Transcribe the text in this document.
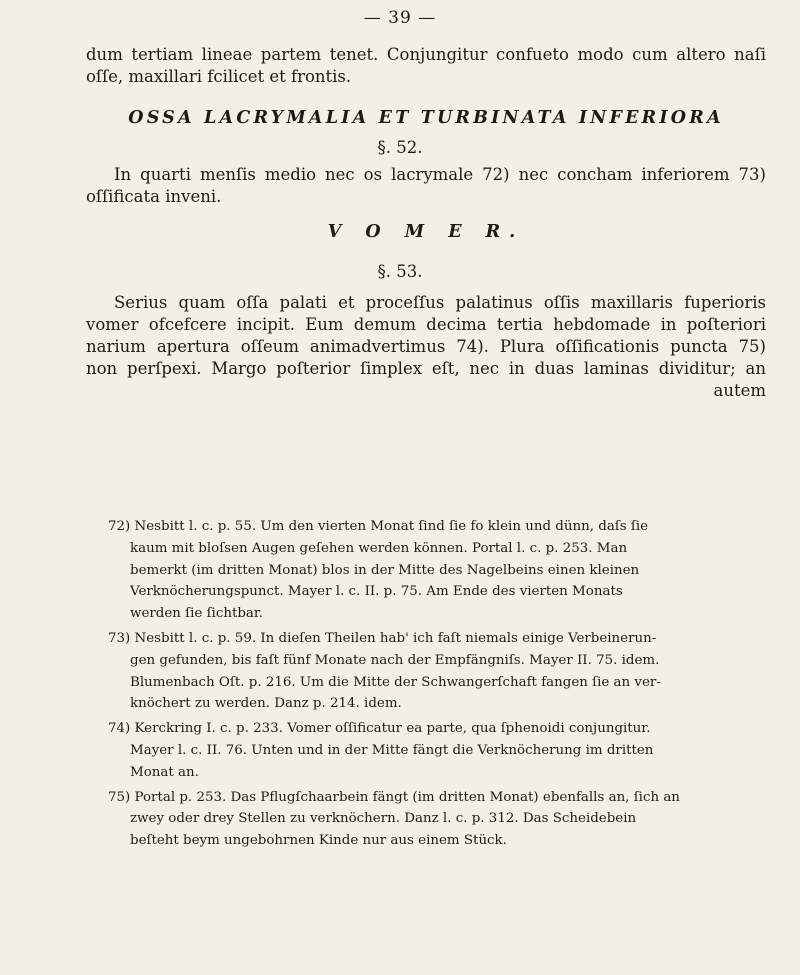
— 39 —
dum tertiam lineae partem tenet. Conjungitur confueto modo cum altero naſi
oſſe, maxillari fcilicet et frontis.
OSSA LACRYMALIA ET TURBINATA INFERIORA
§. 52.
In quarti menſis medio nec os lacrymale 72) nec concham inferiorem 73)
oſſificata inveni.
V O M E R.
§. 53.
Serius quam oſſa palati et proceſſus palatinus oſſis maxillaris fuperioris
vomer ofcefcere incipit. Eum demum decima tertia hebdomade in poſteriori
narium apertura oſſeum animadvertimus 74). Plura oſſificationis puncta 75)
non perſpexi. Margo poſterior ſimplex eſt, nec in duas laminas dividitur; an
autem
72) Nesbitt l. c. p. 55. Um den vierten Monat ſind ſie fo klein und dünn, daſs ſie
kaum mit bloſsen Augen geſehen werden können. Portal l. c. p. 253. Man
bemerkt (im dritten Monat) blos in der Mitte des Nagelbeins einen kleinen
Verknöcherungspunct. Mayer l. c. II. p. 75. Am Ende des vierten Monats
werden ſie ſichtbar.
73) Nesbitt l. c. p. 59. In dieſen Theilen hab' ich faſt niemals einige Verbeinerun-
gen gefunden, bis faſt fünf Monate nach der Empfängniſs. Mayer II. 75. idem.
Blumenbach Oſt. p. 216. Um die Mitte der Schwangerſchaft fangen ſie an ver-
knöchert zu werden. Danz p. 214. idem.
74) Kerckring I. c. p. 233. Vomer oſſificatur ea parte, qua ſphenoidi conjungitur.
Mayer l. c. II. 76. Unten und in der Mitte fängt die Verknöcherung im dritten
Monat an.
75) Portal p. 253. Das Pflugſchaarbein fängt (im dritten Monat) ebenfalls an, ſich an
zwey oder drey Stellen zu verknöchern. Danz l. c. p. 312. Das Scheidebein
beſteht beym ungebohrnen Kinde nur aus einem Stück.
